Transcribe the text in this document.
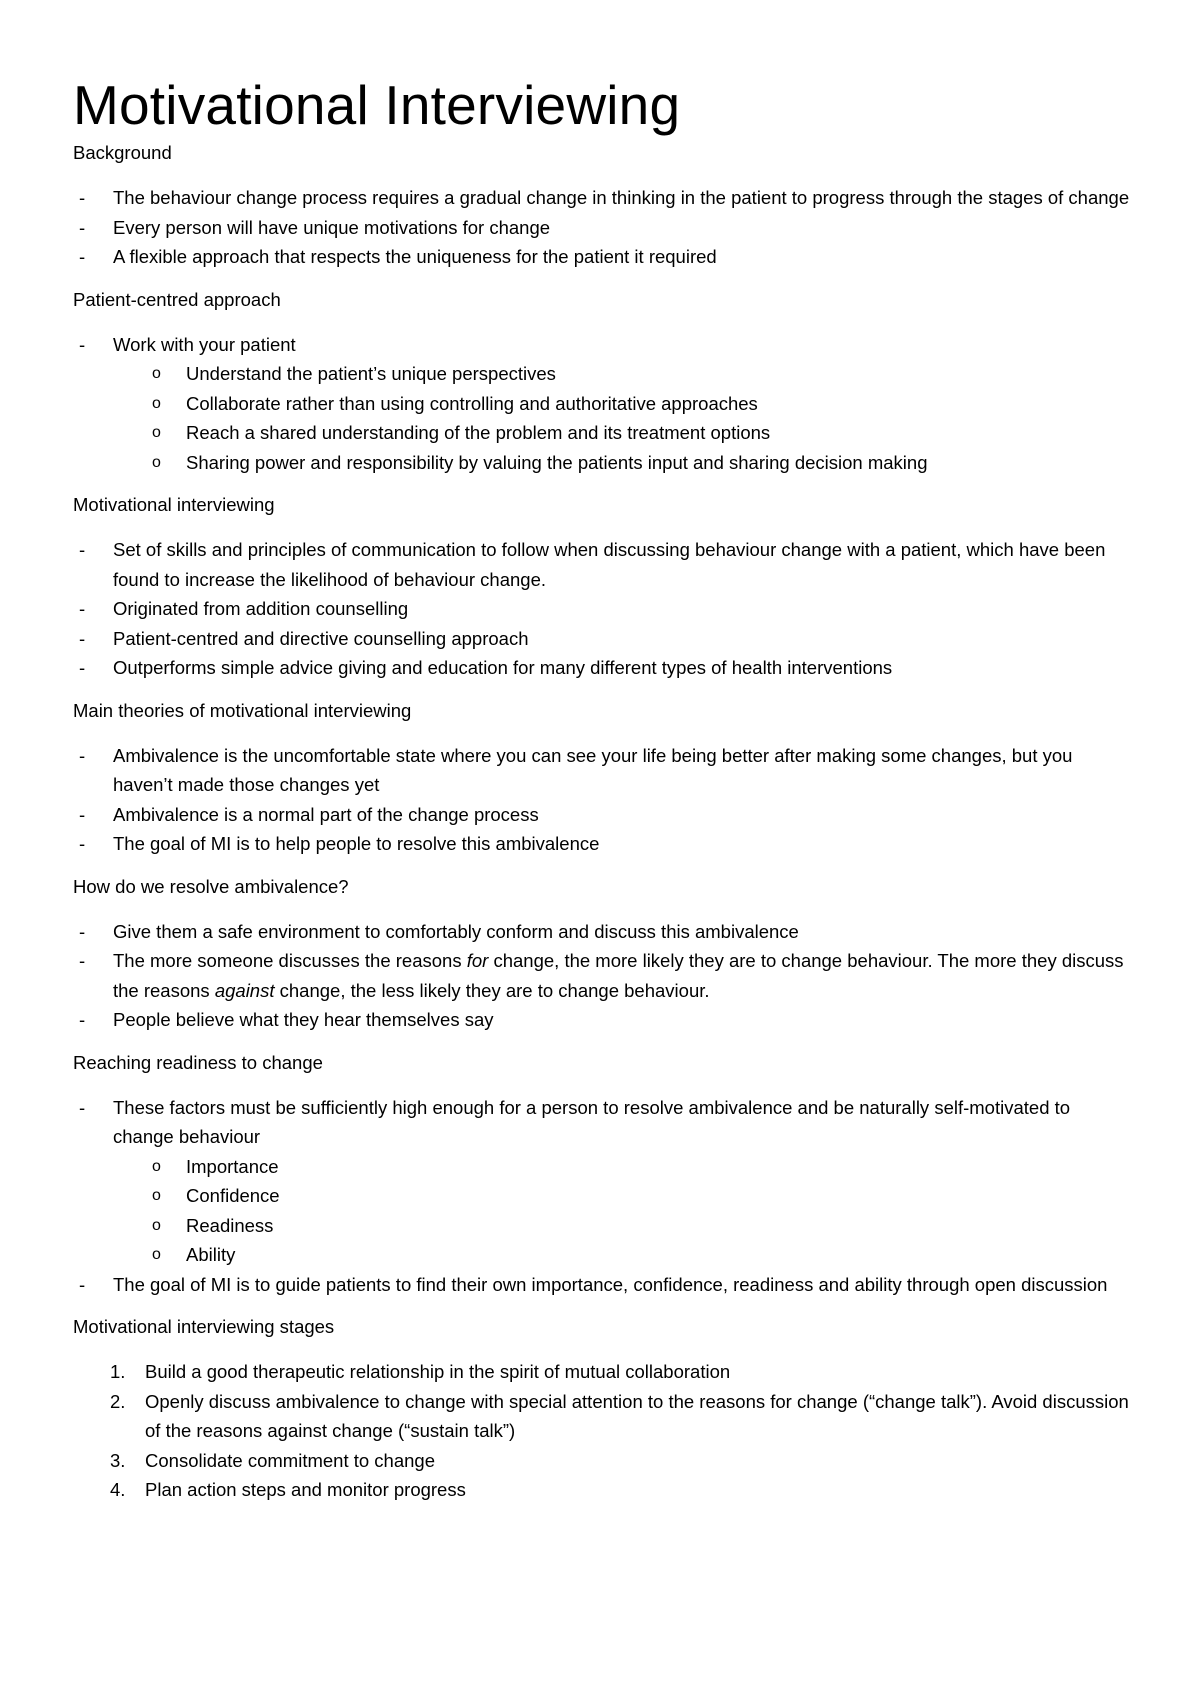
Motivational Interviewing

Background

- The behaviour change process requires a gradual change in thinking in the patient to progress through the stages of change
- Every person will have unique motivations for change
- A flexible approach that respects the uniqueness for the patient it required

Patient-centred approach

- Work with your patient
o Understand the patient’s unique perspectives
o Collaborate rather than using controlling and authoritative approaches
o Reach a shared understanding of the problem and its treatment options
o Sharing power and responsibility by valuing the patients input and sharing decision making

Motivational interviewing

- Set of skills and principles of communication to follow when discussing behaviour change with a patient, which have been found to increase the likelihood of behaviour change.
- Originated from addition counselling
- Patient-centred and directive counselling approach
- Outperforms simple advice giving and education for many different types of health interventions

Main theories of motivational interviewing

- Ambivalence is the uncomfortable state where you can see your life being better after making some changes, but you haven’t made those changes yet
- Ambivalence is a normal part of the change process
- The goal of MI is to help people to resolve this ambivalence

How do we resolve ambivalence?

- Give them a safe environment to comfortably conform and discuss this ambivalence
- The more someone discusses the reasons for change, the more likely they are to change behaviour. The more they discuss the reasons against change, the less likely they are to change behaviour.
- People believe what they hear themselves say

Reaching readiness to change

- These factors must be sufficiently high enough for a person to resolve ambivalence and be naturally self-motivated to change behaviour
o Importance
o Confidence
o Readiness
o Ability
- The goal of MI is to guide patients to find their own importance, confidence, readiness and ability through open discussion

Motivational interviewing stages

1. Build a good therapeutic relationship in the spirit of mutual collaboration
2. Openly discuss ambivalence to change with special attention to the reasons for change (“change talk”). Avoid discussion of the reasons against change (“sustain talk”)
3. Consolidate commitment to change
4. Plan action steps and monitor progress
